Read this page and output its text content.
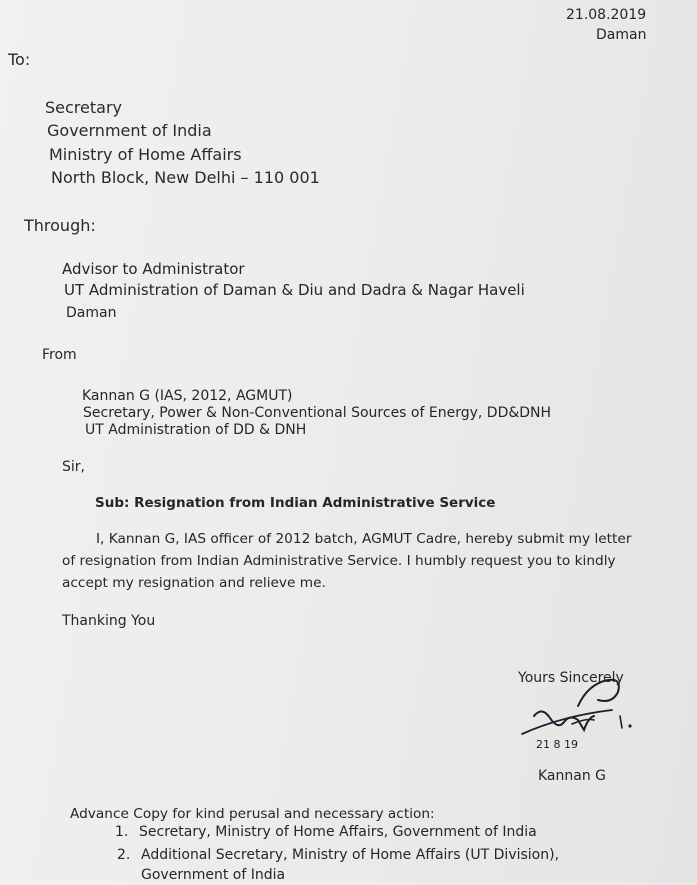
21.08.2019
Daman
To:
Secretary
Government of India
Ministry of Home Affairs
North Block, New Delhi – 110 001
Through:
Advisor to Administrator
UT Administration of Daman & Diu and Dadra & Nagar Haveli
Daman
From
Kannan G (IAS, 2012, AGMUT)
Secretary, Power & Non-Conventional Sources of Energy, DD&DNH
UT Administration of DD & DNH
Sir,
Sub: Resignation from Indian Administrative Service
I, Kannan G, IAS officer of 2012 batch, AGMUT Cadre, hereby submit my letter of resignation from Indian Administrative Service. I humbly request you to kindly accept my resignation and relieve me.
Thanking You
Yours Sincerely
21 8 19
Kannan G
Advance Copy for kind perusal and necessary action:
1. Secretary, Ministry of Home Affairs, Government of India
2. Additional Secretary, Ministry of Home Affairs (UT Division), Government of India
